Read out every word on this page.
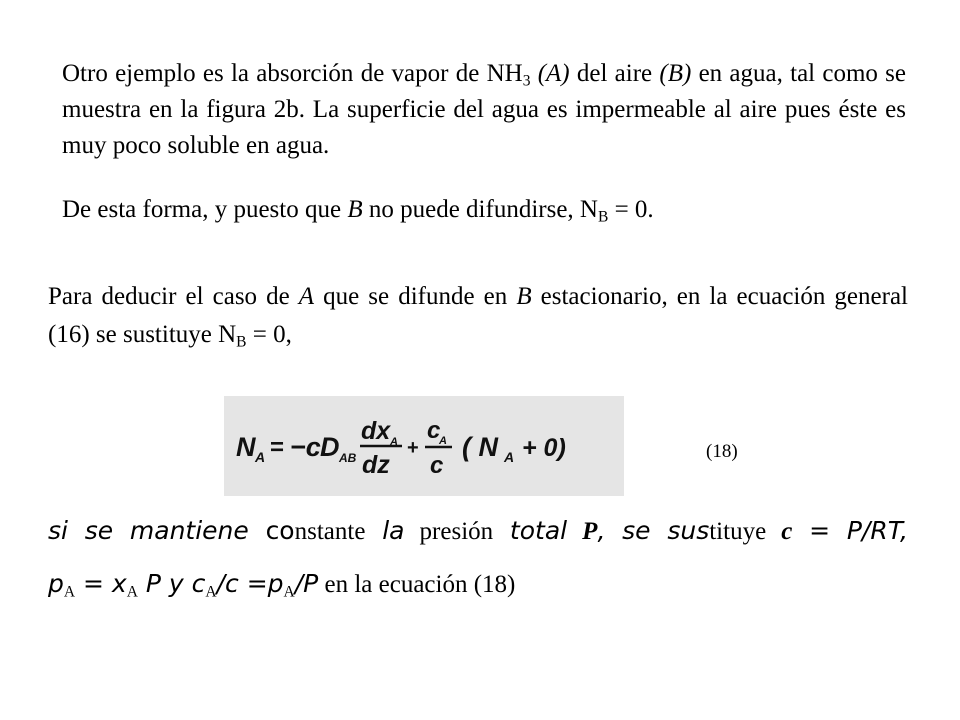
Otro ejemplo es la absorción de vapor de $NH_3$ (A) del aire (B) en agua, tal como se muestra en la figura 2b. La superficie del agua es impermeable al aire pues éste es muy poco soluble en agua.

De esta forma, y puesto que B no puede difundirse, $N_B = 0$.

Para deducir el caso de A que se difunde en B estacionario, en la ecuación general (16) se sustituye $N_B = 0$,

N A = −c D AB
dx A
dz
+
c
A
c
( N A + 0)	(18)

si se mantiene constante la presión total P, se sustituye c = P/RT,

$p_A = x_A$ P y $c_A/c =p_A/P$ en la ecuación (18)
